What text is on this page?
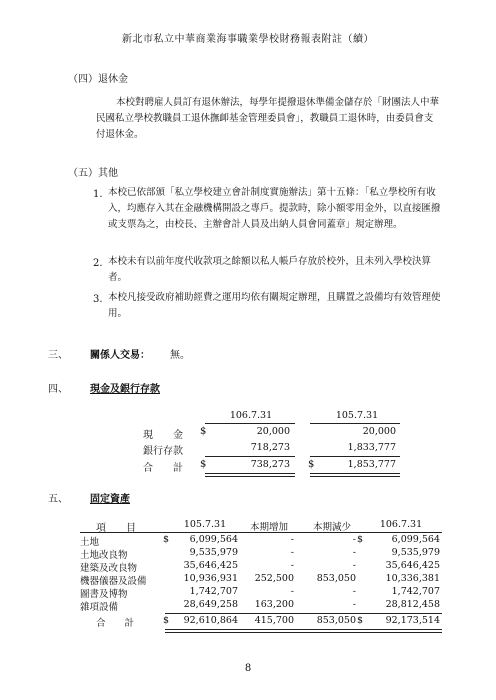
新北市私立中華商業海事職業學校財務報表附註（續）
（四）退休金
本校對聘雇人員訂有退休辦法，每學年提撥退休準備金儲存於「財團法人中華民國私立學校教職員工退休撫卹基金管理委員會」，教職員工退休時，由委員會支付退休金。
（五）其他
1. 本校已依部頒「私立學校建立會計制度實施辦法」第十五條：「私立學校所有收入，均應存入其在金融機構開設之專戶。提款時，除小額零用金外，以直接匯撥或支票為之，由校長、主辦會計人員及出納人員會同蓋章」規定辦理。
2. 本校未有以前年度代收款項之餘額以私人帳戶存放於校外，且未列入學校決算者。
3. 本校凡接受政府補助經費之運用均依有關規定辦理，且購置之設備均有效管理使用。
三、 關係人交易： 無。
四、 現金及銀行存款
106.7.31	105.7.31
現　　金 $	20,000	20,000
銀行存款	718,273	1,833,777
合　　計 $	738,273 $	1,853,777
五、 固定資產
項　　目	105.7.31	本期增加	本期減少	106.7.31
土地	$	6,099,564	-	- $	6,099,564
土地改良物	9,535,979	-	-	9,535,979
建築及改良物	35,646,425	-	-	35,646,425
機器儀器及設備	10,936,931	252,500	853,050	10,336,381
圖書及博物	1,742,707	-	-	1,742,707
雜項設備	28,649,258	163,200	-	28,812,458
合　　計	$	92,610,864	415,700	853,050 $	92,173,514
8
